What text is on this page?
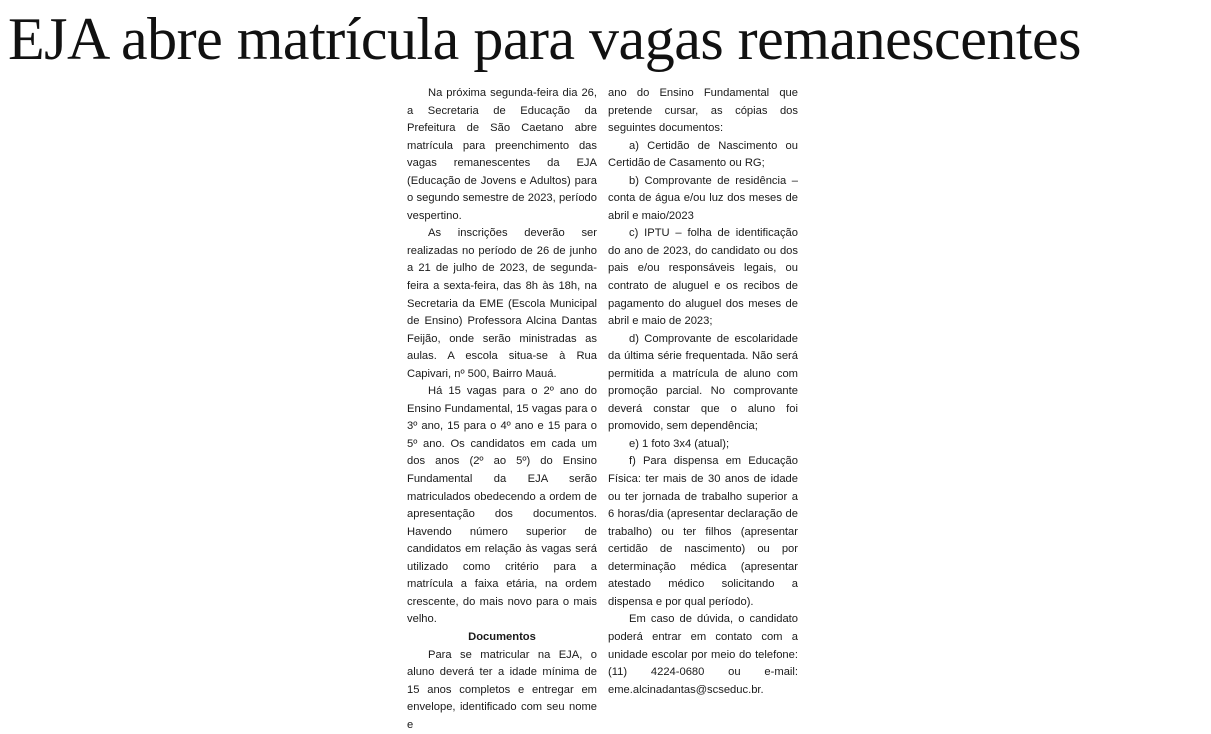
EJA abre matrícula para vagas remanescentes

Na próxima segunda-feira dia 26, a Secretaria de Educação da Prefeitura de São Caetano abre matrícula para preenchimento das vagas remanescentes da EJA (Educação de Jovens e Adultos) para o segundo semestre de 2023, período vespertino.

As inscrições deverão ser realizadas no período de 26 de junho a 21 de julho de 2023, de segunda-feira a sexta-feira, das 8h às 18h, na Secretaria da EME (Escola Municipal de Ensino) Professora Alcina Dantas Feijão, onde serão ministradas as aulas. A escola situa-se à Rua Capivari, nº 500, Bairro Mauá.

Há 15 vagas para o 2º ano do Ensino Fundamental, 15 vagas para o 3º ano, 15 para o 4º ano e 15 para o 5º ano. Os candidatos em cada um dos anos (2º ao 5º) do Ensino Fundamental da EJA serão matriculados obedecendo a ordem de apresentação dos documentos. Havendo número superior de candidatos em relação às vagas será utilizado como critério para a matrícula a faixa etária, na ordem crescente, do mais novo para o mais velho.

Documentos

Para se matricular na EJA, o aluno deverá ter a idade mínima de 15 anos completos e entregar em envelope, identificado com seu nome e

ano do Ensino Fundamental que pretende cursar, as cópias dos seguintes documentos:

a) Certidão de Nascimento ou Certidão de Casamento ou RG;

b) Comprovante de residência – conta de água e/ou luz dos meses de abril e maio/2023

c) IPTU – folha de identificação do ano de 2023, do candidato ou dos pais e/ou responsáveis legais, ou contrato de aluguel e os recibos de pagamento do aluguel dos meses de abril e maio de 2023;

d) Comprovante de escolaridade da última série frequentada. Não será permitida a matrícula de aluno com promoção parcial. No comprovante deverá constar que o aluno foi promovido, sem dependência;

e) 1 foto 3x4 (atual);

f) Para dispensa em Educação Física: ter mais de 30 anos de idade ou ter jornada de trabalho superior a 6 horas/dia (apresentar declaração de trabalho) ou ter filhos (apresentar certidão de nascimento) ou por determinação médica (apresentar atestado médico solicitando a dispensa e por qual período).

Em caso de dúvida, o candidato poderá entrar em contato com a unidade escolar por meio do telefone: (11) 4224-0680 ou e-mail: eme.alcinadantas@scseduc.br.
